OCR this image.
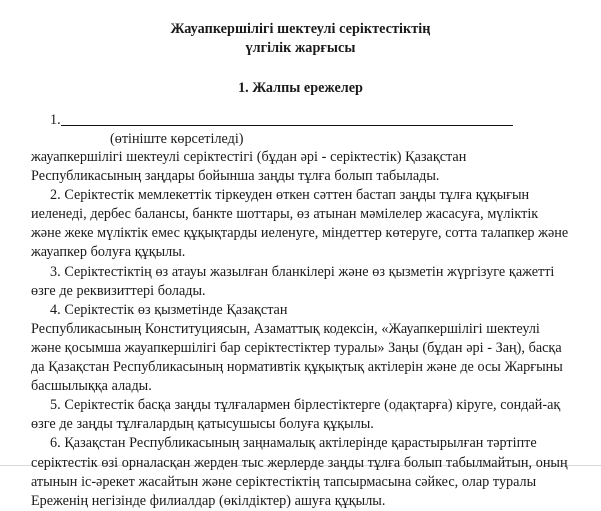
Жауапкершілігі шектеулі серіктестіктің
үлгілік жарғысы
1. Жалпы ережелер
1.
(өтініште көрсетіледі)

жауапкершілігі шектеулі серіктестігі (бұдан әрі - серіктестік) Қазақстан Республикасының заңдары бойынша заңды тұлға болып табылады.

2. Серіктестік мемлекеттік тіркеуден өткен сәттен бастап заңды тұлға құқығын иеленеді, дербес балансы, банкте шоттары, өз атынан мәмілелер жасасуға, мүліктік және жеке мүліктік емес құқықтарды иеленуге, міндеттер көтеруге, сотта талапкер және жауапкер болуға құқылы.

3. Серіктестіктің өз атауы жазылған бланкілері және өз қызметін жүргізуге қажетті өзге де реквизиттері болады.

4. Серіктестік өз қызметінде Қазақстан

Республикасының Конституциясын, Азаматтық кодексін, «Жауапкершілігі шектеулі және қосымша жауапкершілігі бар серіктестіктер туралы» Заңы (бұдан әрі - Заң), басқа да Қазақстан Республикасының нормативтік құқықтық актілерін және де осы Жарғыны басшылыққа алады.

5. Серіктестік басқа заңды тұлғалармен бірлестіктерге (одақтарға) кіруге, сондай-ақ өзге де заңды тұлғалардың қатысушысы болуға құқылы.

6. Қазақстан Республикасының заңнамалық актілерінде қарастырылған тәртіпте серіктестік өзі орналасқан жерден тыс жерлерде заңды тұлға болып табылмайтын, оның атынын іс-әрекет жасайтын және серіктестіктің тапсырмасына сәйкес, олар туралы Ереженің негізінде филиалдар (өкілдіктер) ашуға құқылы.
